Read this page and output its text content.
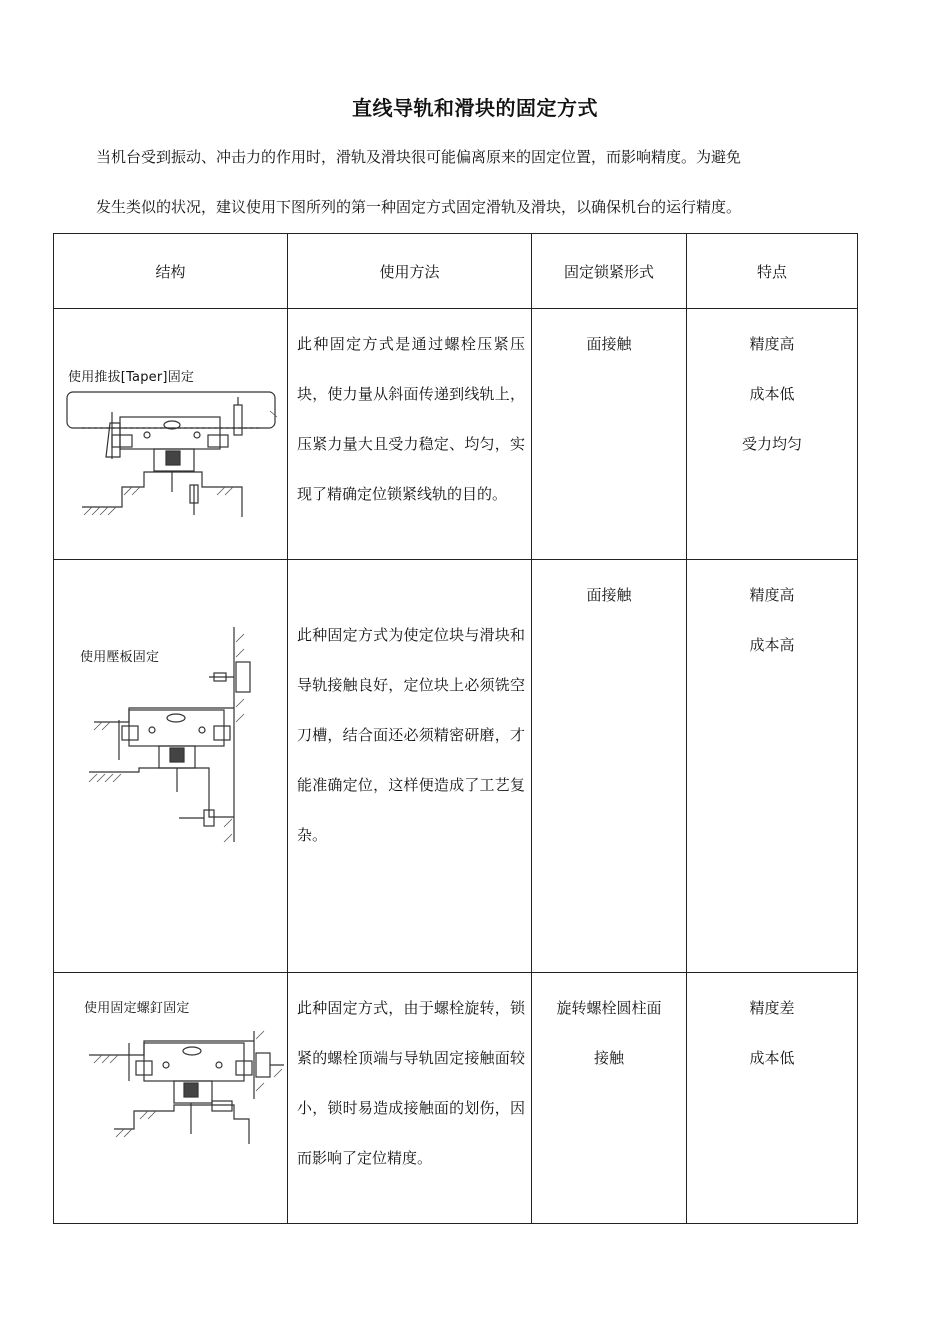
直线导轨和滑块的固定方式
当机台受到振动、冲击力的作用时，滑轨及滑块很可能偏离原来的固定位置，而影响精度。为避免
发生类似的状况，建议使用下图所列的第一种固定方式固定滑轨及滑块，以确保机台的运行精度。
结构	使用方法	固定锁紧形式	特点

使用推拔[Taper]固定	此种固定方式是通过螺栓压紧压块，使力量从斜面传递到线轨上，压紧力量大且受力稳定、均匀，实现了精确定位锁紧线轨的目的。	面接触	精度高
成本低
受力均匀

使用壓板固定	此种固定方式为使定位块与滑块和导轨接触良好，定位块上必须铣空刀槽，结合面还必须精密研磨，才能准确定位，这样便造成了工艺复杂。	面接触	精度高
成本高

使用固定螺釘固定	此种固定方式，由于螺栓旋转，锁紧的螺栓顶端与导轨固定接触面较小，锁时易造成接触面的划伤，因而影响了定位精度。	旋转螺栓圆柱面
接触	精度差
成本低
